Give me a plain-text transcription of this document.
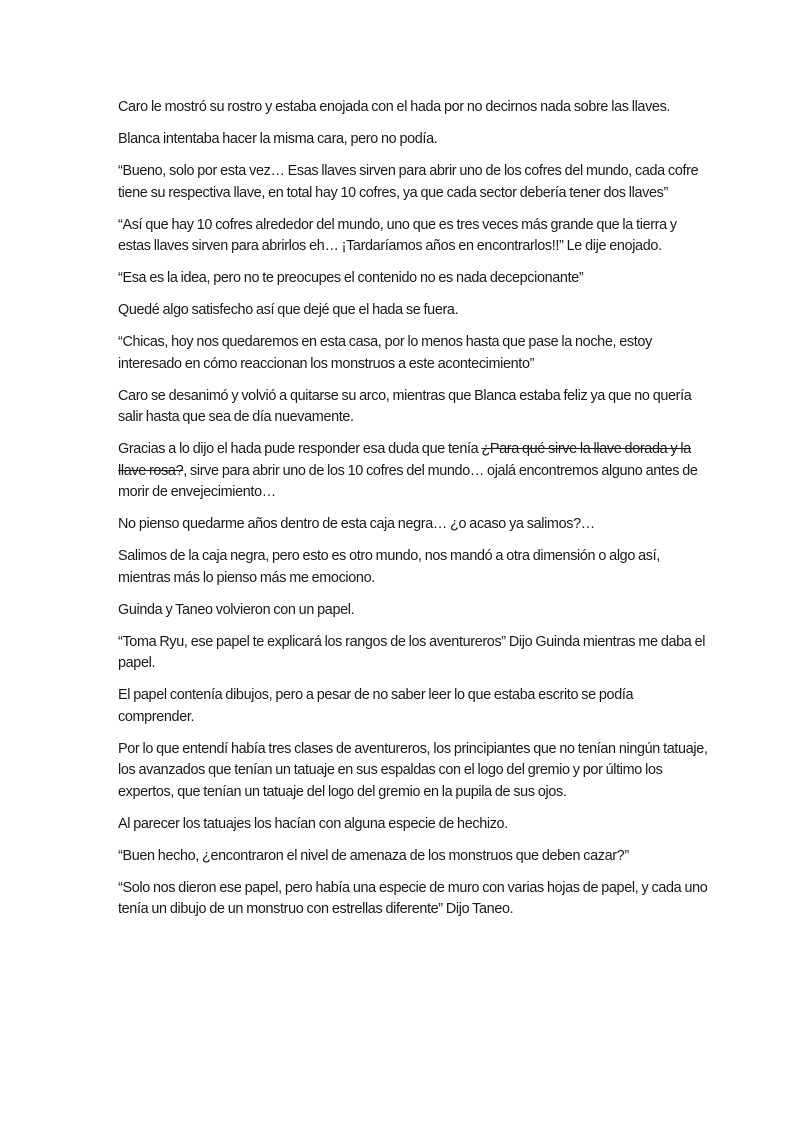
Caro le mostró su rostro y estaba enojada con el hada por no decirnos nada sobre las llaves.

Blanca intentaba hacer la misma cara, pero no podía.

“Bueno, solo por esta vez… Esas llaves sirven para abrir uno de los cofres del mundo, cada cofre tiene su respectiva llave, en total hay 10 cofres, ya que cada sector debería tener dos llaves”

“Así que hay 10 cofres alrededor del mundo, uno que es tres veces más grande que la tierra y estas llaves sirven para abrirlos eh… ¡Tardaríamos años en encontrarlos!!” Le dije enojado.

“Esa es la idea, pero no te preocupes el contenido no es nada decepcionante”

Quedé algo satisfecho así que dejé que el hada se fuera.

“Chicas, hoy nos quedaremos en esta casa, por lo menos hasta que pase la noche, estoy interesado en cómo reaccionan los monstruos a este acontecimiento”

Caro se desanimó y volvió a quitarse su arco, mientras que Blanca estaba feliz ya que no quería salir hasta que sea de día nuevamente.

Gracias a lo dijo el hada pude responder esa duda que tenía ¿Para qué sirve la llave dorada y la llave rosa?, sirve para abrir uno de los 10 cofres del mundo… ojalá encontremos alguno antes de morir de envejecimiento…

No pienso quedarme años dentro de esta caja negra… ¿o acaso ya salimos?…

Salimos de la caja negra, pero esto es otro mundo, nos mandó a otra dimensión o algo así, mientras más lo pienso más me emociono.

Guinda y Taneo volvieron con un papel.

“Toma Ryu, ese papel te explicará los rangos de los aventureros” Dijo Guinda mientras me daba el papel.

El papel contenía dibujos, pero a pesar de no saber leer lo que estaba escrito se podía comprender.

Por lo que entendí había tres clases de aventureros, los principiantes que no tenían ningún tatuaje, los avanzados que tenían un tatuaje en sus espaldas con el logo del gremio y por último los expertos, que tenían un tatuaje del logo del gremio en la pupila de sus ojos.

Al parecer los tatuajes los hacían con alguna especie de hechizo.

“Buen hecho, ¿encontraron el nivel de amenaza de los monstruos que deben cazar?”

“Solo nos dieron ese papel, pero había una especie de muro con varias hojas de papel, y cada uno tenía un dibujo de un monstruo con estrellas diferente” Dijo Taneo.
